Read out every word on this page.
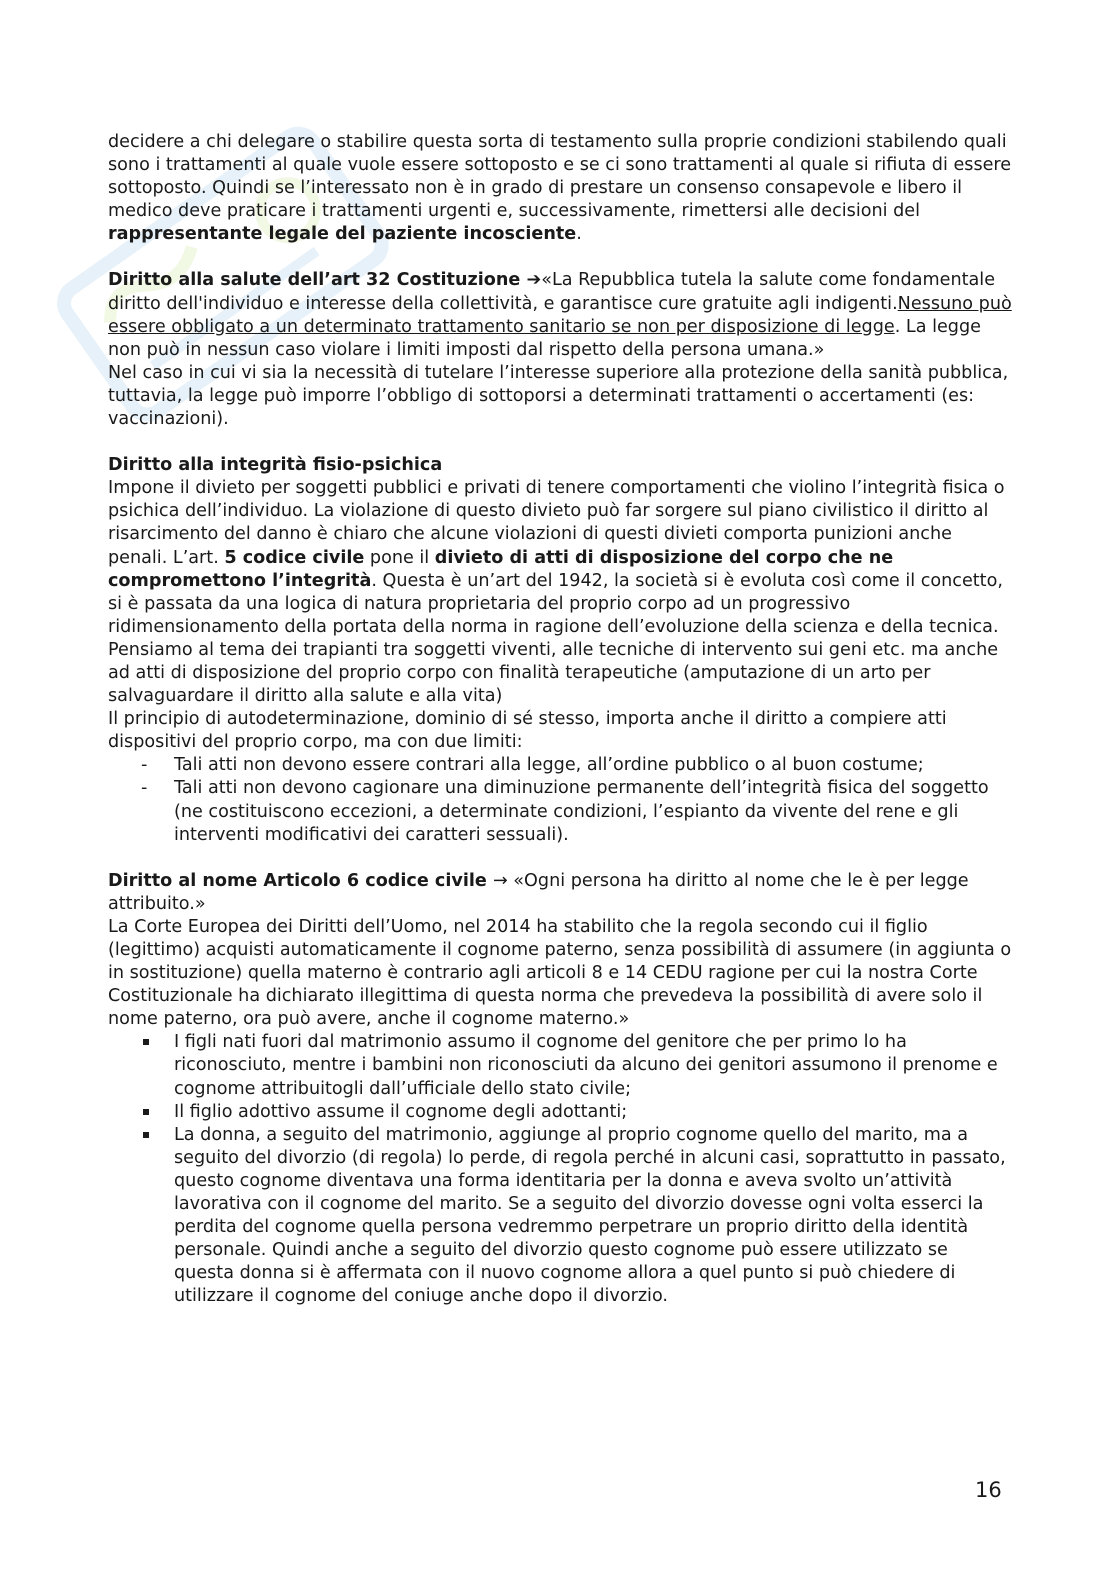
decidere a chi delegare o stabilire questa sorta di testamento sulla proprie condizioni stabilendo quali sono i trattamenti al quale vuole essere sottoposto e se ci sono trattamenti al quale si rifiuta di essere sottoposto. Quindi se l’interessato non è in grado di prestare un consenso consapevole e libero il medico deve praticare i trattamenti urgenti e, successivamente, rimettersi alle decisioni del rappresentante legale del paziente incosciente.

Diritto alla salute dell’art 32 Costituzione ➔«La Repubblica tutela la salute come fondamentale diritto dell'individuo e interesse della collettività, e garantisce cure gratuite agli indigenti.Nessuno può essere obbligato a un determinato trattamento sanitario se non per disposizione di legge. La legge non può in nessun caso violare i limiti imposti dal rispetto della persona umana.»

Nel caso in cui vi sia la necessità di tutelare l’interesse superiore alla protezione della sanità pubblica, tuttavia, la legge può imporre l’obbligo di sottoporsi a determinati trattamenti o accertamenti (es: vaccinazioni).

Diritto alla integrità fisio-psichica

Impone il divieto per soggetti pubblici e privati di tenere comportamenti che violino l’integrità fisica o psichica dell’individuo. La violazione di questo divieto può far sorgere sul piano civilistico il diritto al risarcimento del danno è chiaro che alcune violazioni di questi divieti comporta punizioni anche penali. L’art. 5 codice civile pone il divieto di atti di disposizione del corpo che ne compromettono l’integrità. Questa è un’art del 1942, la società si è evoluta così come il concetto, si è passata da una logica di natura proprietaria del proprio corpo ad un progressivo ridimensionamento della portata della norma in ragione dell’evoluzione della scienza e della tecnica. Pensiamo al tema dei trapianti tra soggetti viventi, alle tecniche di intervento sui geni etc. ma anche ad atti di disposizione del proprio corpo con finalità terapeutiche (amputazione di un arto per salvaguardare il diritto alla salute e alla vita)

Il principio di autodeterminazione, dominio di sé stesso, importa anche il diritto a compiere atti dispositivi del proprio corpo, ma con due limiti:

- Tali atti non devono essere contrari alla legge, all’ordine pubblico o al buon costume;
- Tali atti non devono cagionare una diminuzione permanente dell’integrità fisica del soggetto (ne costituiscono eccezioni, a determinate condizioni, l’espianto da vivente del rene e gli interventi modificativi dei caratteri sessuali).

Diritto al nome Articolo 6 codice civile → «Ogni persona ha diritto al nome che le è per legge attribuito.»

La Corte Europea dei Diritti dell’Uomo, nel 2014 ha stabilito che la regola secondo cui il figlio (legittimo) acquisti automaticamente il cognome paterno, senza possibilità di assumere (in aggiunta o in sostituzione) quella materno è contrario agli articoli 8 e 14 CEDU ragione per cui la nostra Corte Costituzionale ha dichiarato illegittima di questa norma che prevedeva la possibilità di avere solo il nome paterno, ora può avere, anche il cognome materno.»

I figli nati fuori dal matrimonio assumo il cognome del genitore che per primo lo ha riconosciuto, mentre i bambini non riconosciuti da alcuno dei genitori assumono il prenome e cognome attribuitogli dall’ufficiale dello stato civile;
Il figlio adottivo assume il cognome degli adottanti;
La donna, a seguito del matrimonio, aggiunge al proprio cognome quello del marito, ma a seguito del divorzio (di regola) lo perde, di regola perché in alcuni casi, soprattutto in passato, questo cognome diventava una forma identitaria per la donna e aveva svolto un’attività lavorativa con il cognome del marito. Se a seguito del divorzio dovesse ogni volta esserci la perdita del cognome quella persona vedremmo perpetrare un proprio diritto della identità personale. Quindi anche a seguito del divorzio questo cognome può essere utilizzato se questa donna si è affermata con il nuovo cognome allora a quel punto si può chiedere di utilizzare il cognome del coniuge anche dopo il divorzio.
16
